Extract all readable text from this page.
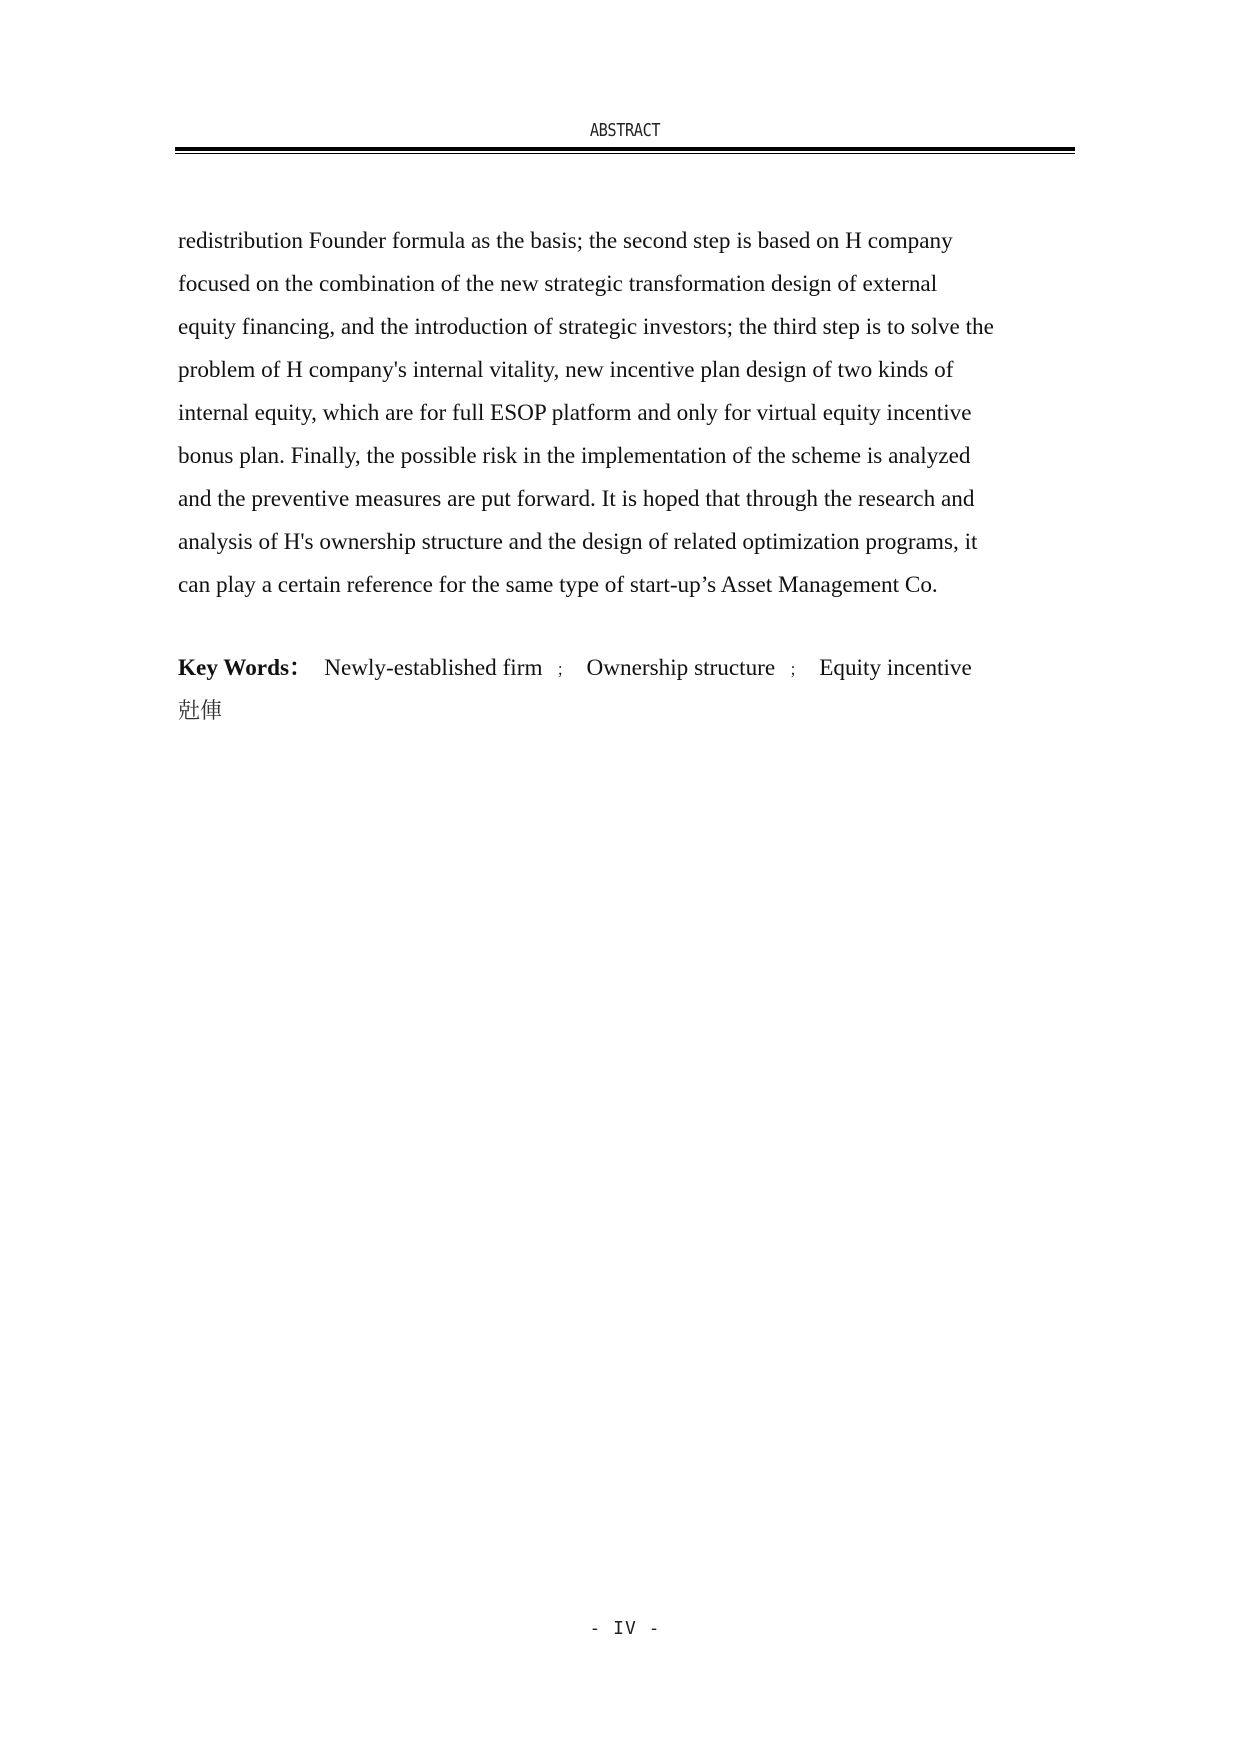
ABSTRACT

redistribution Founder formula as the basis; the second step is based on H company
focused on the combination of the new strategic transformation design of external
equity financing, and the introduction of strategic investors; the third step is to solve the
problem of H company's internal vitality, new incentive plan design of two kinds of
internal equity, which are for full ESOP platform and only for virtual equity incentive
bonus plan. Finally, the possible risk in the implementation of the scheme is analyzed
and the preventive measures are put forward. It is hoped that through the research and
analysis of H's ownership structure and the design of related optimization programs, it
can play a certain reference for the same type of start-up’s Asset Management Co.

Key Words： Newly-established firm ； Ownership structure ； Equity incentive

兙俥
- IV -
